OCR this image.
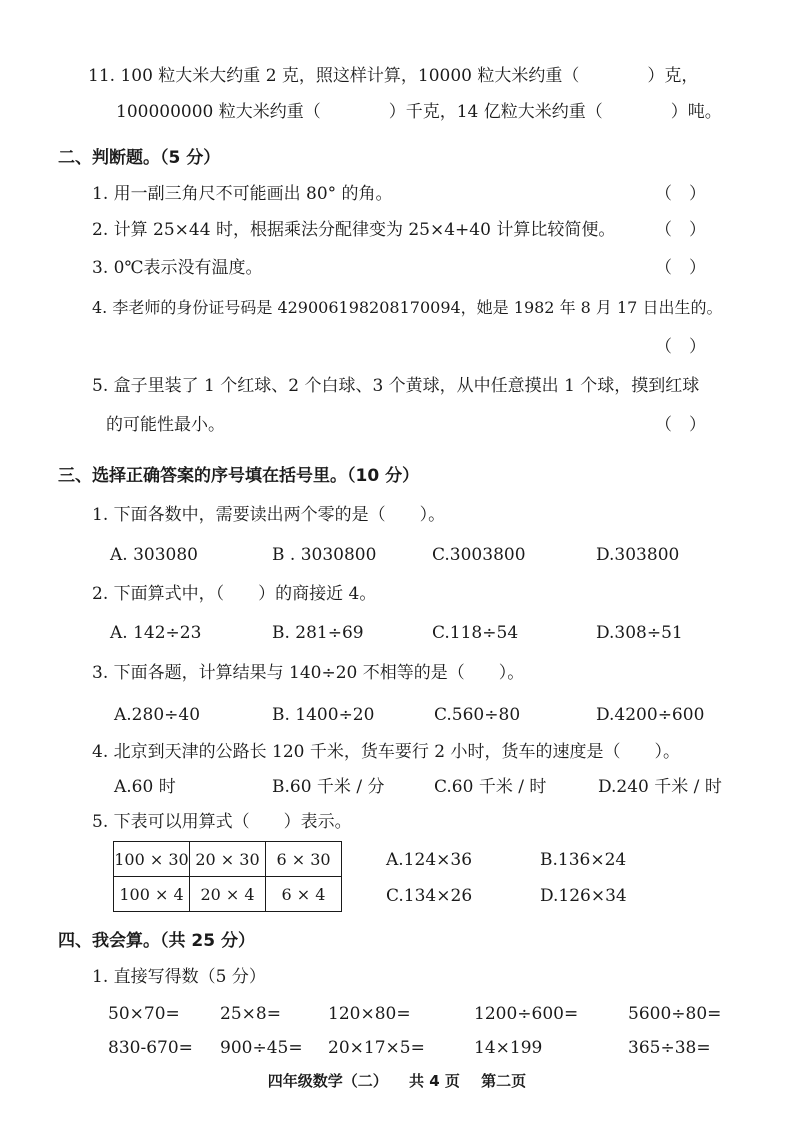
11. 100 粒大米大约重 2 克，照这样计算，10000 粒大米约重（　　　　）克，
100000000 粒大米约重（　　　　）千克，14 亿粒大米约重（　　　　）吨。
二、判断题。（5 分）
1. 用一副三角尺不可能画出 80° 的角。	（　）
2. 计算 25×44 时，根据乘法分配律变为 25×4+40 计算比较简便。 （　）
3. 0℃表示没有温度。	（　）
4. 李老师的身份证号码是 429006198208170094，她是 1982 年 8 月 17 日出生的。
（　）
5. 盒子里装了 1 个红球、2 个白球、3 个黄球，从中任意摸出 1 个球，摸到红球
的可能性最小。	（　）
三、选择正确答案的序号填在括号里。（10 分）
1. 下面各数中，需要读出两个零的是（　　）。
A. 303080	B . 3030800	C.3003800	D.303800
2. 下面算式中，（　　）的商接近 4。
A. 142÷23	B. 281÷69	C.118÷54	D.308÷51
3. 下面各题，计算结果与 140÷20 不相等的是（　　）。
A.280÷40	B. 1400÷20	C.560÷80	D.4200÷600
4. 北京到天津的公路长 120 千米，货车要行 2 小时，货车的速度是（　　）。
A.60 时	B.60 千米 / 分	C.60 千米 / 时	D.240 千米 / 时
5. 下表可以用算式（　　）表示。
100 × 30	20 × 30	6 × 30
100 × 4	20 × 4	6 × 4
A.124×36	B.136×24
C.134×26	D.126×34
四、我会算。（共 25 分）
1. 直接写得数（5 分）
50×70= 25×8=	120×80=	1200÷600=	5600÷80=
830-670= 900÷45= 20×17×5=	14×199	365÷38=
四年级数学（二） 共 4 页 第二页
